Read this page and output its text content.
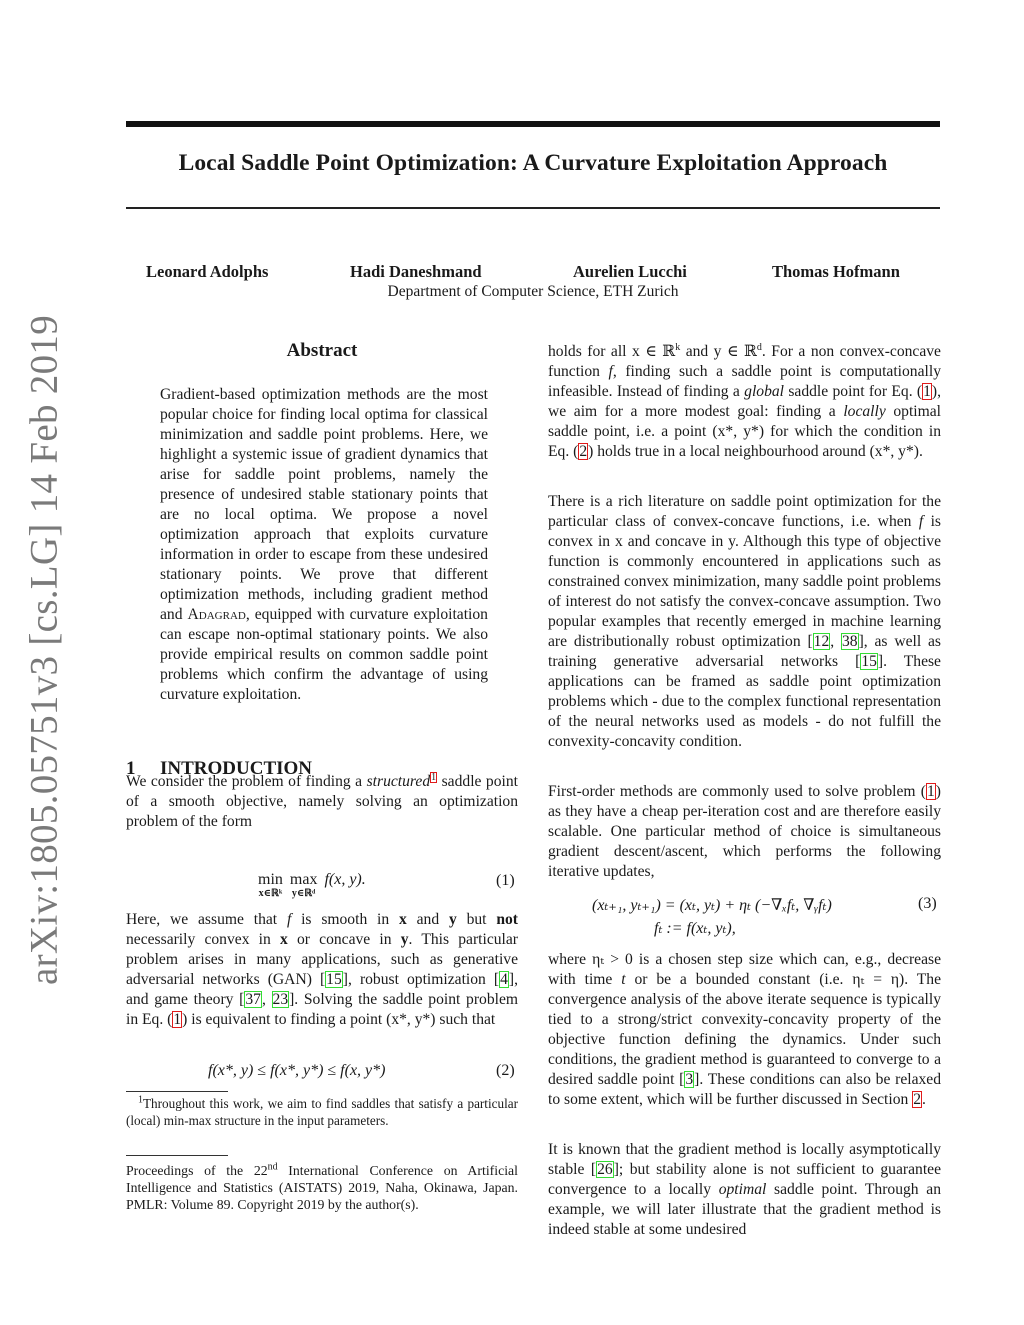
arXiv:1805.05751v3 [cs.LG] 14 Feb 2019
Local Saddle Point Optimization: A Curvature Exploitation Approach
Leonard Adolphs	Hadi Daneshmand	Aurelien Lucchi	Thomas Hofmann
Department of Computer Science, ETH Zurich
Abstract

Gradient-based optimization methods are the most popular choice for finding local optima for classical minimization and saddle point problems. Here, we highlight a systemic issue of gradient dynamics that arise for saddle point problems, namely the presence of undesired stable stationary points that are no local optima. We propose a novel optimization approach that exploits curvature information in order to escape from these undesired stationary points. We prove that different optimization methods, including gradient method and Adagrad, equipped with curvature exploitation can escape non-optimal stationary points. We also provide empirical results on common saddle point problems which confirm the advantage of using curvature exploitation.

1 INTRODUCTION

We consider the problem of finding a structured$^1$ saddle point of a smooth objective, namely solving an optimization problem of the form

min
x∈ℝᵏ

max
y∈ℝᵈ
f(x, y).	(1)

Here, we assume that f is smooth in x and y but not necessarily convex in x or concave in y. This particular problem arises in many applications, such as generative adversarial networks (GAN) [15], robust optimization [4], and game theory [37, 23]. Solving the saddle point problem in Eq. (1) is equivalent to finding a point (x*, y*) such that

f(x*, y) ≤ f(x*, y*) ≤ f(x, y*)	(2)

$^1$Throughout this work, we aim to find saddles that satisfy a particular (local) min-max structure in the input parameters.

Proceedings of the 22nd International Conference on Artificial Intelligence and Statistics (AISTATS) 2019, Naha, Okinawa, Japan. PMLR: Volume 89. Copyright 2019 by the author(s).

holds for all x ∈ ℝ$^k$ and y ∈ ℝ$^d$. For a non convex-concave function f, finding such a saddle point is computationally infeasible. Instead of finding a global saddle point for Eq. (1), we aim for a more modest goal: finding a locally optimal saddle point, i.e. a point (x*, y*) for which the condition in Eq. (2) holds true in a local neighbourhood around (x*, y*).

There is a rich literature on saddle point optimization for the particular class of convex-concave functions, i.e. when f is convex in x and concave in y. Although this type of objective function is commonly encountered in applications such as constrained convex minimization, many saddle point problems of interest do not satisfy the convex-concave assumption. Two popular examples that recently emerged in machine learning are distributionally robust optimization [12, 38], as well as training generative adversarial networks [15]. These applications can be framed as saddle point optimization problems which - due to the complex functional representation of the neural networks used as models - do not fulfill the convexity-concavity condition.

First-order methods are commonly used to solve problem (1) as they have a cheap per-iteration cost and are therefore easily scalable. One particular method of choice is simultaneous gradient descent/ascent, which performs the following iterative updates,

(xₜ₊₁, yₜ₊₁) = (xₜ, yₜ) + ηₜ (−∇ₓfₜ, ∇ᵧfₜ)
fₜ := f(xₜ, yₜ),
(3)

where ηₜ > 0 is a chosen step size which can, e.g., decrease with time t or be a bounded constant (i.e. ηₜ = η). The convergence analysis of the above iterate sequence is typically tied to a strong/strict convexity-concavity property of the objective function defining the dynamics. Under such conditions, the gradient method is guaranteed to converge to a desired saddle point [3]. These conditions can also be relaxed to some extent, which will be further discussed in Section 2.

It is known that the gradient method is locally asymptotically stable [26]; but stability alone is not sufficient to guarantee convergence to a locally optimal saddle point. Through an example, we will later illustrate that the gradient method is indeed stable at some undesired
